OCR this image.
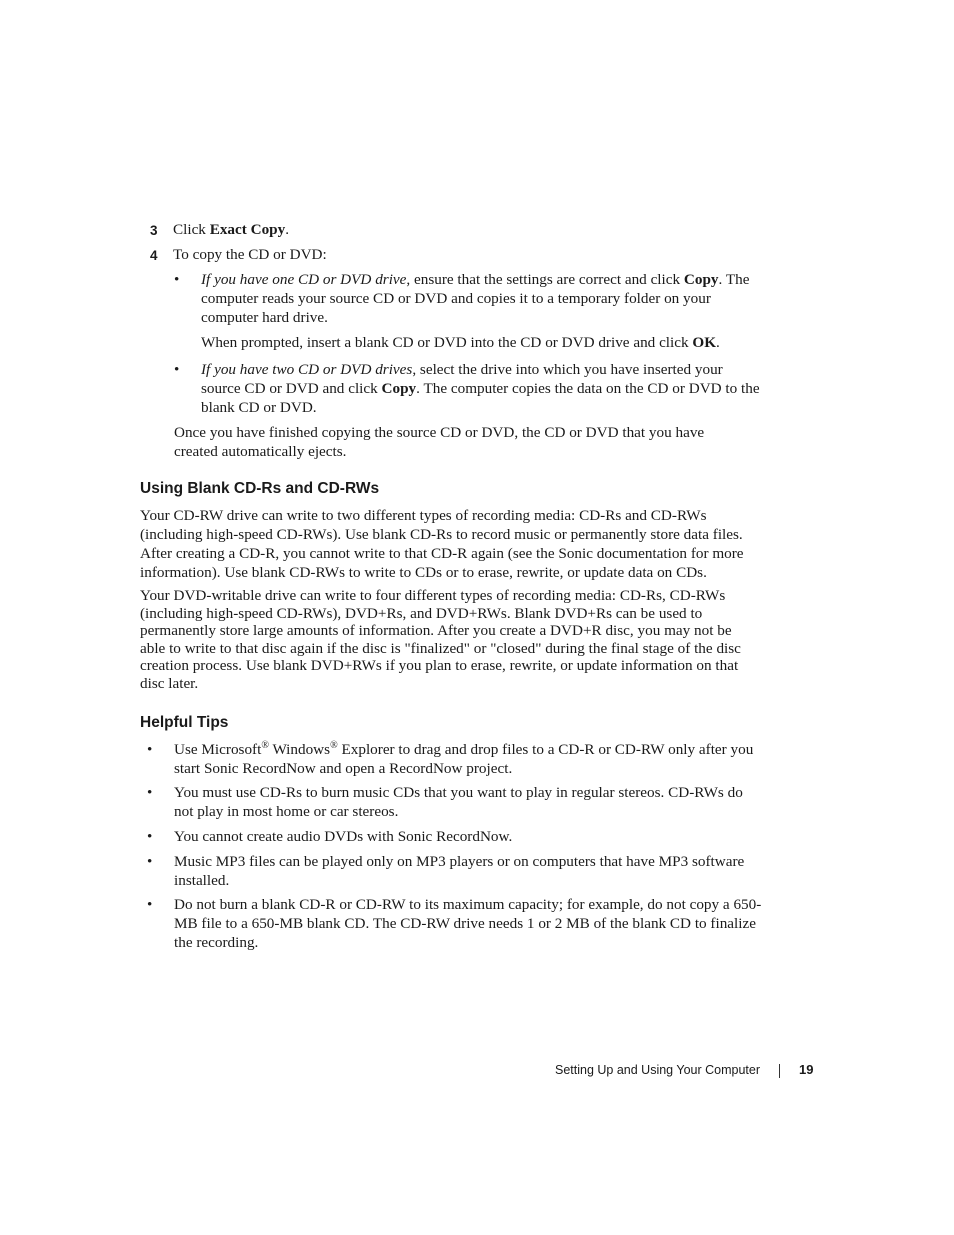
3 Click Exact Copy.
4 To copy the CD or DVD:
•	If you have one CD or DVD drive, ensure that the settings are correct and click Copy. The computer reads your source CD or DVD and copies it to a temporary folder on your computer hard drive.
When prompted, insert a blank CD or DVD into the CD or DVD drive and click OK.
•	If you have two CD or DVD drives, select the drive into which you have inserted your source CD or DVD and click Copy. The computer copies the data on the CD or DVD to the blank CD or DVD.
Once you have finished copying the source CD or DVD, the CD or DVD that you have created automatically ejects.
Using Blank CD-Rs and CD-RWs
Your CD-RW drive can write to two different types of recording media: CD-Rs and CD-RWs (including high-speed CD-RWs). Use blank CD-Rs to record music or permanently store data files. After creating a CD-R, you cannot write to that CD-R again (see the Sonic documentation for more information). Use blank CD-RWs to write to CDs or to erase, rewrite, or update data on CDs.
Your DVD-writable drive can write to four different types of recording media: CD-Rs, CD-RWs (including high-speed CD-RWs), DVD+Rs, and DVD+RWs. Blank DVD+Rs can be used to permanently store large amounts of information. After you create a DVD+R disc, you may not be able to write to that disc again if the disc is "finalized" or "closed" during the final stage of the disc creation process. Use blank DVD+RWs if you plan to erase, rewrite, or update information on that disc later.
Helpful Tips
•	Use Microsoft® Windows® Explorer to drag and drop files to a CD-R or CD-RW only after you start Sonic RecordNow and open a RecordNow project.
•	You must use CD-Rs to burn music CDs that you want to play in regular stereos. CD-RWs do not play in most home or car stereos.
•	You cannot create audio DVDs with Sonic RecordNow.
•	Music MP3 files can be played only on MP3 players or on computers that have MP3 software installed.
•	Do not burn a blank CD-R or CD-RW to its maximum capacity; for example, do not copy a 650-MB file to a 650-MB blank CD. The CD-RW drive needs 1 or 2 MB of the blank CD to finalize the recording.
Setting Up and Using Your Computer	19
